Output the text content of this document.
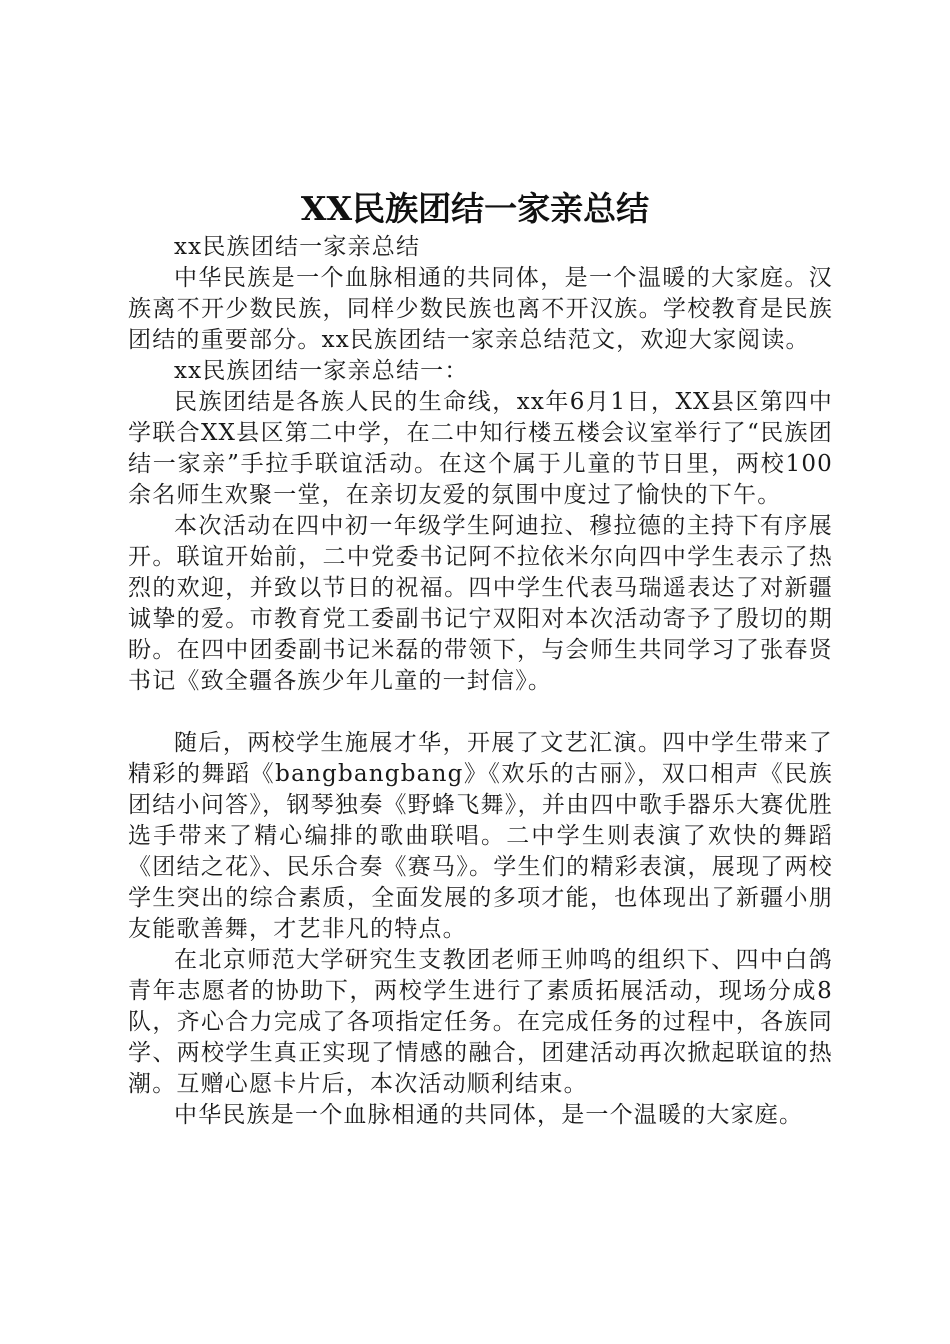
XX民族团结一家亲总结

xx民族团结一家亲总结

中华民族是一个血脉相通的共同体，是一个温暖的大家庭。汉族离不开少数民族，同样少数民族也离不开汉族。学校教育是民族团结的重要部分。xx民族团结一家亲总结范文，欢迎大家阅读。

xx民族团结一家亲总结一：

民族团结是各族人民的生命线，xx年6月1日，XX县区第四中学联合XX县区第二中学，在二中知行楼五楼会议室举行了“民族团结一家亲”手拉手联谊活动。在这个属于儿童的节日里，两校100余名师生欢聚一堂，在亲切友爱的氛围中度过了愉快的下午。

本次活动在四中初一年级学生阿迪拉、穆拉德的主持下有序展开。联谊开始前，二中党委书记阿不拉依米尔向四中学生表示了热烈的欢迎，并致以节日的祝福。四中学生代表马瑞遥表达了对新疆诚挚的爱。市教育党工委副书记宁双阳对本次活动寄予了殷切的期盼。在四中团委副书记米磊的带领下，与会师生共同学习了张春贤书记《致全疆各族少年儿童的一封信》。

随后，两校学生施展才华，开展了文艺汇演。四中学生带来了精彩的舞蹈《bangbangbang》《欢乐的古丽》，双口相声《民族团结小问答》，钢琴独奏《野蜂飞舞》，并由四中歌手器乐大赛优胜选手带来了精心编排的歌曲联唱。二中学生则表演了欢快的舞蹈《团结之花》、民乐合奏《赛马》。学生们的精彩表演，展现了两校学生突出的综合素质，全面发展的多项才能，也体现出了新疆小朋友能歌善舞，才艺非凡的特点。

在北京师范大学研究生支教团老师王帅鸣的组织下、四中白鸽青年志愿者的协助下，两校学生进行了素质拓展活动，现场分成8队，齐心合力完成了各项指定任务。在完成任务的过程中，各族同学、两校学生真正实现了情感的融合，团建活动再次掀起联谊的热潮。互赠心愿卡片后，本次活动顺利结束。

中华民族是一个血脉相通的共同体，是一个温暖的大家庭。
